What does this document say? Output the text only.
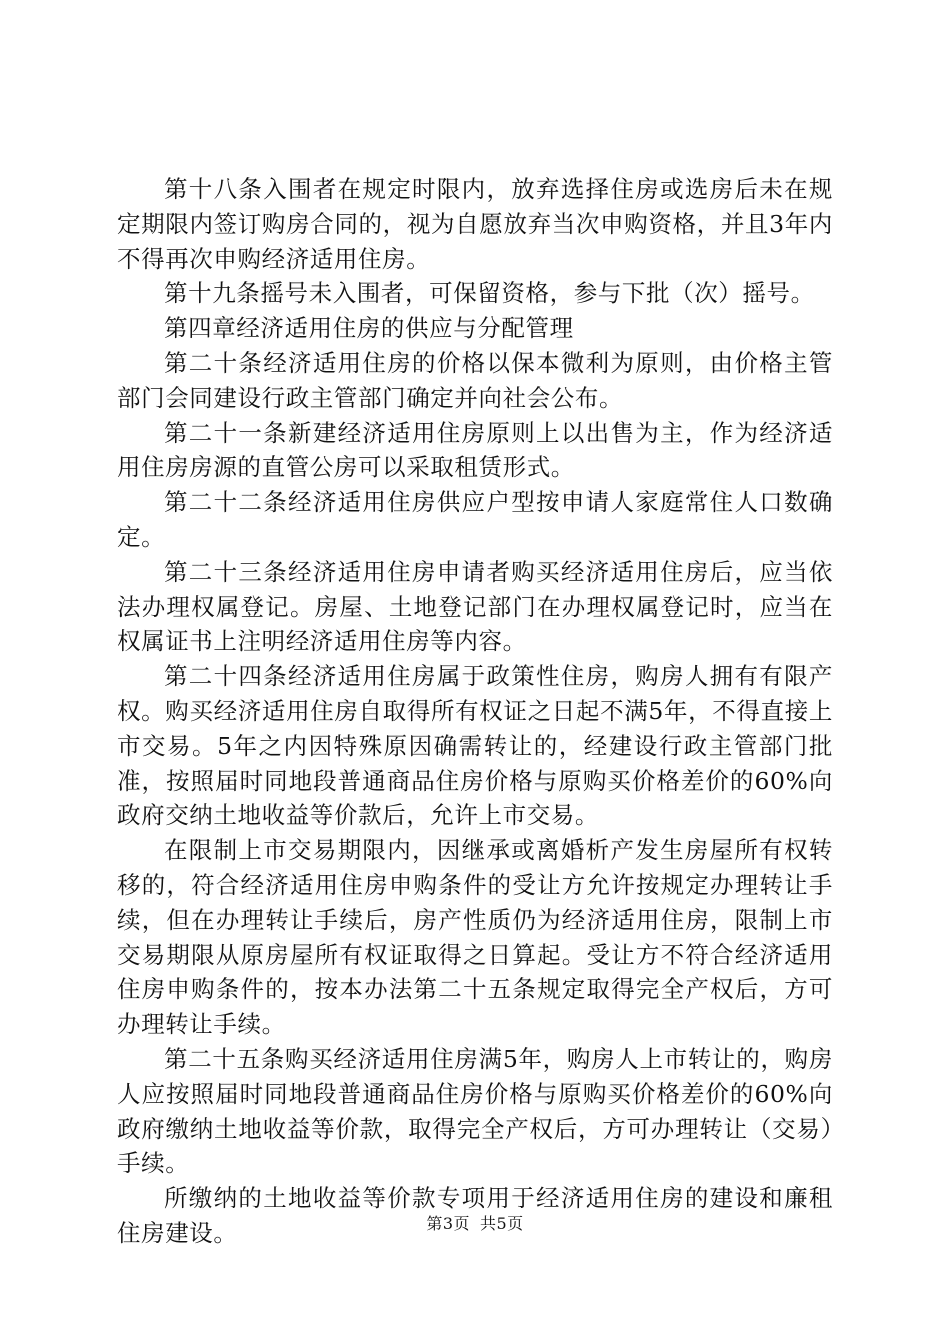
第十八条入围者在规定时限内，放弃选择住房或选房后未在规定期限内签订购房合同的，视为自愿放弃当次申购资格，并且3年内不得再次申购经济适用住房。

第十九条摇号未入围者，可保留资格，参与下批（次）摇号。

第四章经济适用住房的供应与分配管理

第二十条经济适用住房的价格以保本微利为原则，由价格主管部门会同建设行政主管部门确定并向社会公布。

第二十一条新建经济适用住房原则上以出售为主，作为经济适用住房房源的直管公房可以采取租赁形式。

第二十二条经济适用住房供应户型按申请人家庭常住人口数确定。

第二十三条经济适用住房申请者购买经济适用住房后，应当依法办理权属登记。房屋、土地登记部门在办理权属登记时，应当在权属证书上注明经济适用住房等内容。

第二十四条经济适用住房属于政策性住房，购房人拥有有限产权。购买经济适用住房自取得所有权证之日起不满5年，不得直接上市交易。5年之内因特殊原因确需转让的，经建设行政主管部门批准，按照届时同地段普通商品住房价格与原购买价格差价的60%向政府交纳土地收益等价款后，允许上市交易。

在限制上市交易期限内，因继承或离婚析产发生房屋所有权转移的，符合经济适用住房申购条件的受让方允许按规定办理转让手续，但在办理转让手续后，房产性质仍为经济适用住房，限制上市交易期限从原房屋所有权证取得之日算起。受让方不符合经济适用住房申购条件的，按本办法第二十五条规定取得完全产权后，方可办理转让手续。

第二十五条购买经济适用住房满5年，购房人上市转让的，购房人应按照届时同地段普通商品住房价格与原购买价格差价的60%向政府缴纳土地收益等价款，取得完全产权后，方可办理转让（交易）手续。

所缴纳的土地收益等价款专项用于经济适用住房的建设和廉租住房建设。	第3页 共5页
